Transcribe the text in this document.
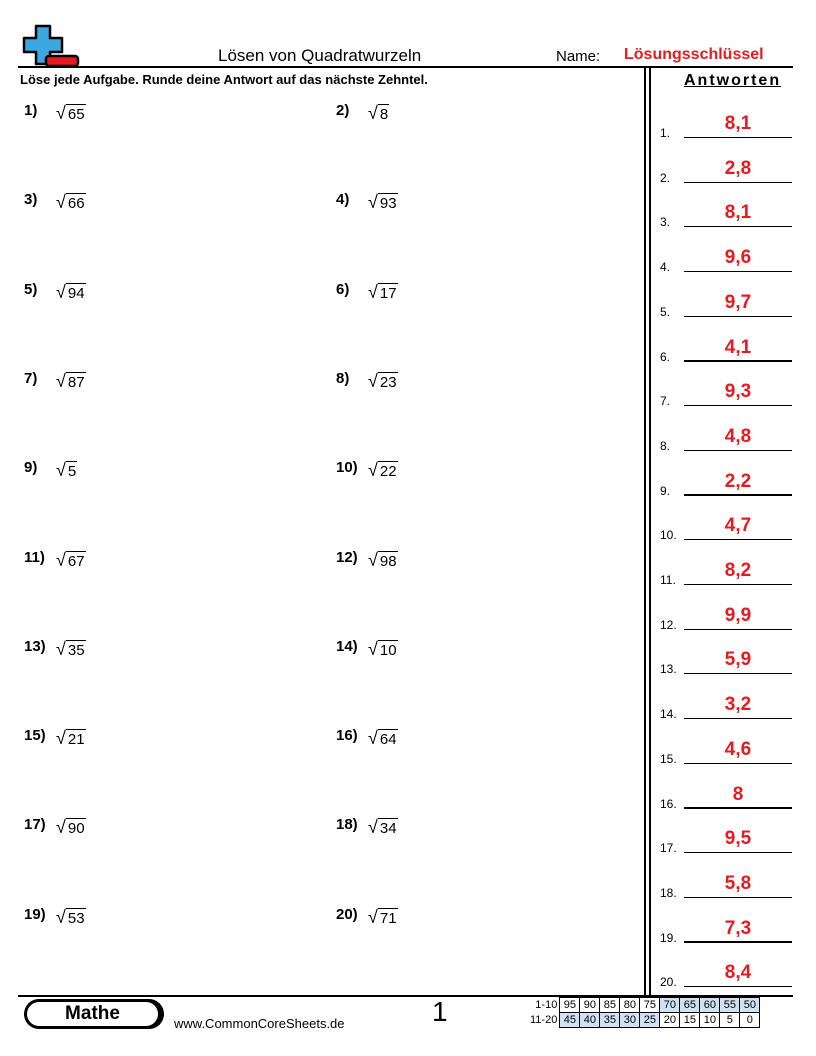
Lösen von Quadratwurzeln	Name: Lösungsschlüssel
Löse jede Aufgabe. Runde deine Antwort auf das nächste Zehntel.	Antworten
1)	√ 65	2)	√ 8
3)	√ 66	4)	√ 93
5)	√ 94	6)	√ 17
7)	√ 87	8)	√ 23
9)	√ 5	10) √ 22
11) √ 67	12) √ 98
13) √ 35	14) √ 10
15) √ 21	16) √ 64
17) √ 90	18) √ 34
19) √ 53	20) √ 71
1.	8,1
2.	2,8
3.	8,1
4.	9,6
5.	9,7
6.	4,1
7.	9,3
8.	4,8
9.	2,2
10.	4,7
11.	8,2
12.	9,9
13.	5,9
14.	3,2
15.	4,6
16.	8
17.	9,5
18.	5,8
19.	7,3
20.	8,4
Mathe	www.CommonCoreSheets.de	1	1-10	95	90	85	80	75	70	65	60	55	50
11-20	45	40	35	30	25	20	15	10	5	0
